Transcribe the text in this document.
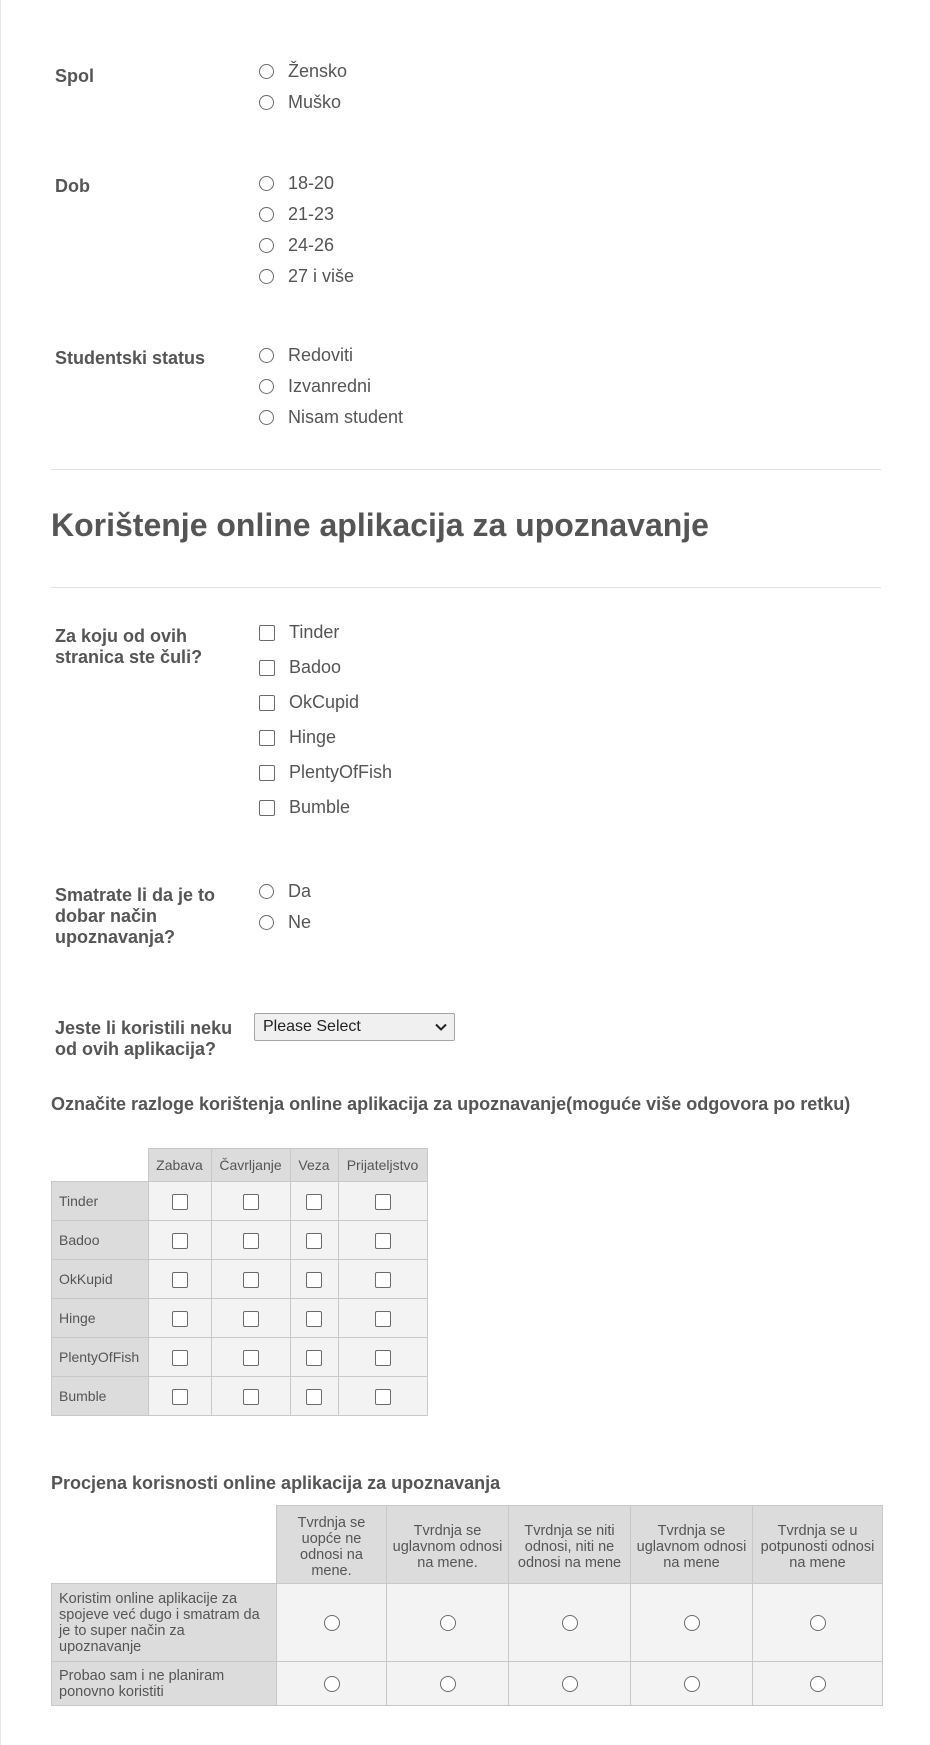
Spol	Žensko
Muško
Dob	18-20
21-23
24-26
27 i više
Studentski status	Redoviti
Izvanredni
Nisam student
Korištenje online aplikacija za upoznavanje
Za koju od ovih
stranica ste čuli?
Tinder
Badoo
OkCupid
Hinge
PlentyOfFish
Bumble
Smatrate li da je to
dobar način
upoznavanja?
Da
Ne
Jeste li koristili neku
od ovih aplikacija?
Please Select
Označite razloge korištenja online aplikacija za upoznavanje(moguće više odgovora po retku)
	Zabava	Čavrljanje	Veza	Prijateljstvo
Tinder				
Badoo				
OkKupid				
Hinge				
PlentyOfFish				
Bumble				
Procjena korisnosti online aplikacija za upoznavanja
	Tvrdnja se uopće ne odnosi na mene.	Tvrdnja se uglavnom odnosi na mene.	Tvrdnja se niti odnosi, niti ne odnosi na mene	Tvrdnja se uglavnom odnosi na mene	Tvrdnja se u potpunosti odnosi na mene
Koristim online aplikacije za spojeve već dugo i smatram da je to super način za upoznavanje					
Probao sam i ne planiram ponovno koristiti					
